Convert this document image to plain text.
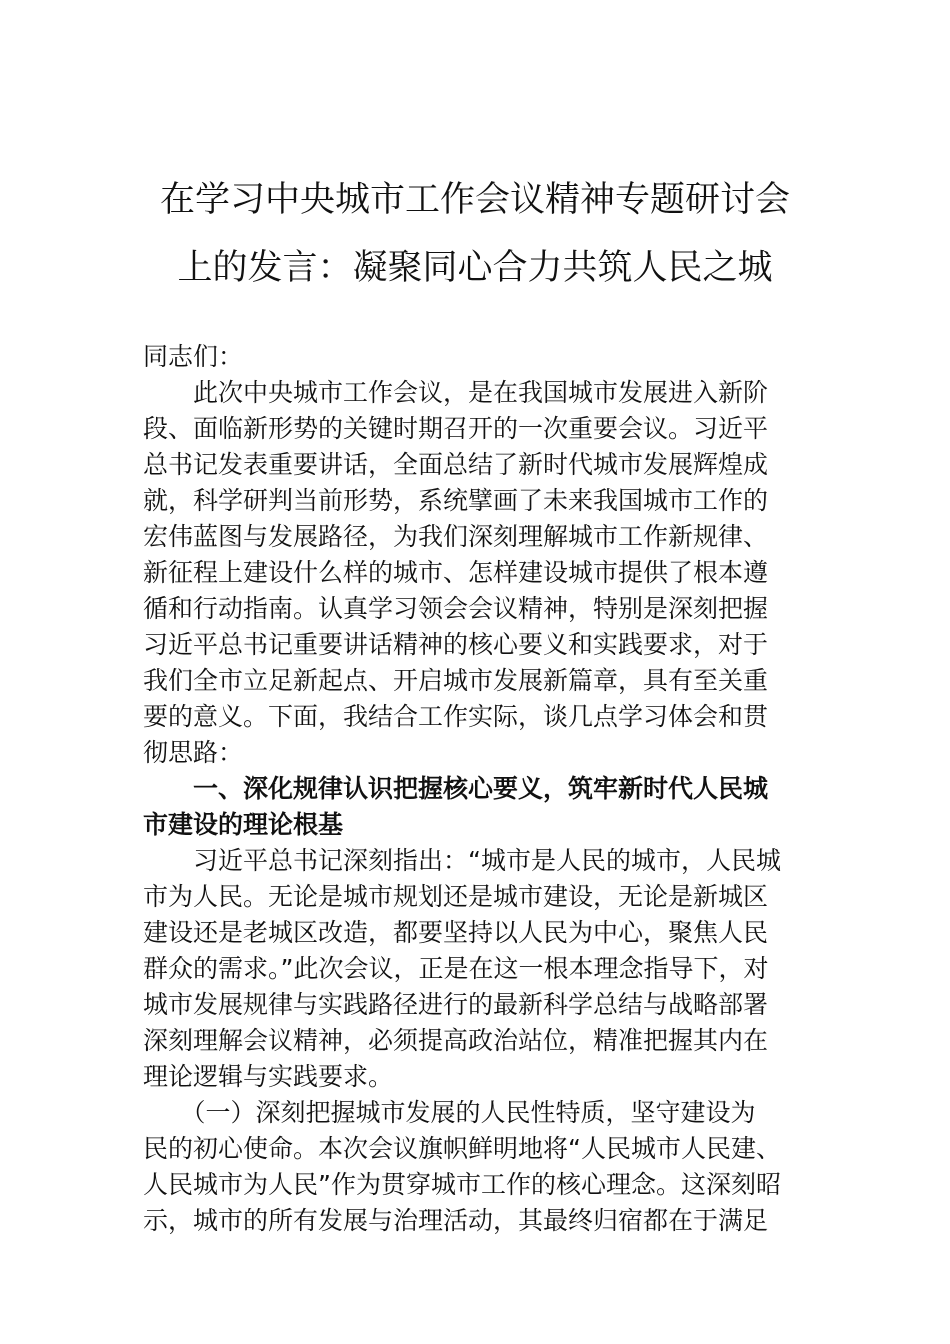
在学习中央城市工作会议精神专题研讨会
上的发言：凝聚同心合力共筑人民之城
同志们：
　　此次中央城市工作会议，是在我国城市发展进入新阶
段、面临新形势的关键时期召开的一次重要会议。习近平
总书记发表重要讲话，全面总结了新时代城市发展辉煌成
就，科学研判当前形势，系统擘画了未来我国城市工作的
宏伟蓝图与发展路径，为我们深刻理解城市工作新规律、
新征程上建设什么样的城市、怎样建设城市提供了根本遵
循和行动指南。认真学习领会会议精神，特别是深刻把握
习近平总书记重要讲话精神的核心要义和实践要求，对于
我们全市立足新起点、开启城市发展新篇章，具有至关重
要的意义。下面，我结合工作实际，谈几点学习体会和贯
彻思路：
　　一、深化规律认识把握核心要义，筑牢新时代人民城
市建设的理论根基
　　习近平总书记深刻指出：“城市是人民的城市，人民城
市为人民。无论是城市规划还是城市建设，无论是新城区
建设还是老城区改造，都要坚持以人民为中心，聚焦人民
群众的需求。”此次会议，正是在这一根本理念指导下，对
城市发展规律与实践路径进行的最新科学总结与战略部署
深刻理解会议精神，必须提高政治站位，精准把握其内在
理论逻辑与实践要求。
　　（一）深刻把握城市发展的人民性特质，坚守建设为
民的初心使命。本次会议旗帜鲜明地将“人民城市人民建、
人民城市为人民”作为贯穿城市工作的核心理念。这深刻昭
示，城市的所有发展与治理活动，其最终归宿都在于满足
